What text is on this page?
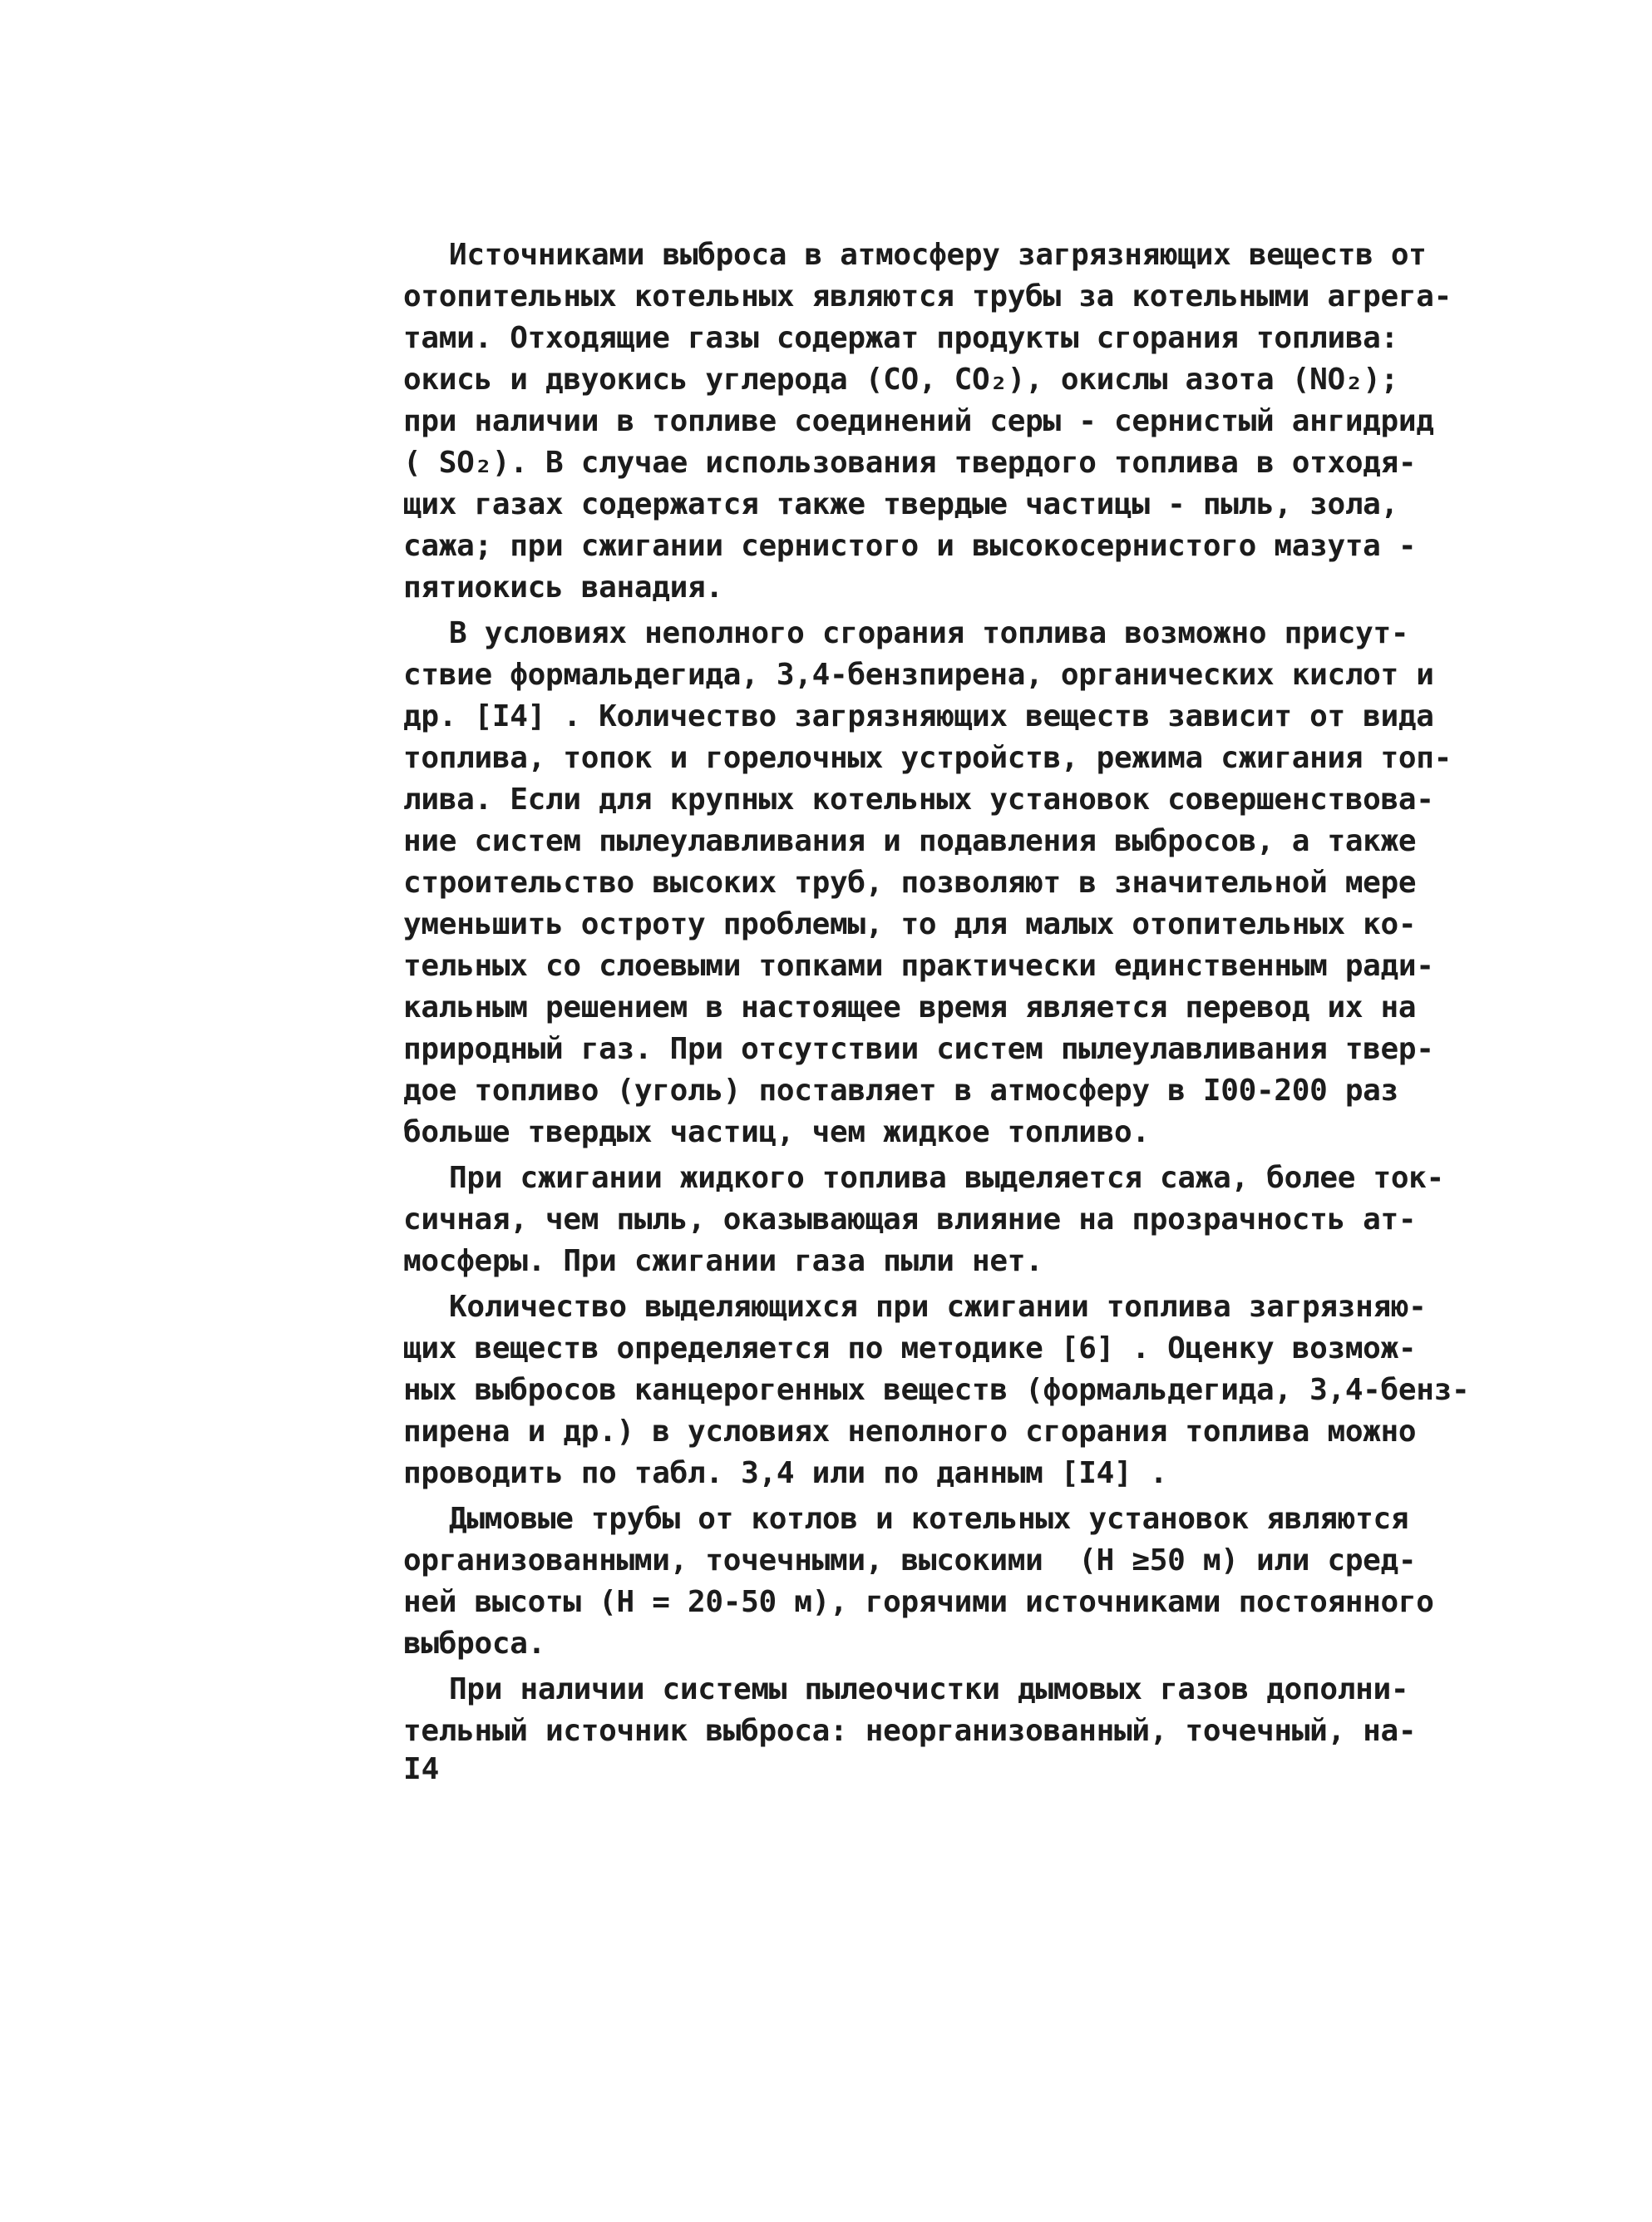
Источниками выброса в атмосферу загрязняющих веществ от
отопительных котельных являются трубы за котельными агрега-
тами. Отходящие газы содержат продукты сгорания топлива:
окись и двуокись углерода (CO, CO₂), окислы азота (NO₂);
при наличии в топливе соединений серы - сернистый ангидрид
( SO₂). В случае использования твердого топлива в отходя-
щих газах содержатся также твердые частицы - пыль, зола,
сажа; при сжигании сернистого и высокосернистого мазута -
пятиокись ванадия.
В условиях неполного сгорания топлива возможно присут-
ствие формальдегида, 3,4-бензпирена, органических кислот и
др. [I4] . Количество загрязняющих веществ зависит от вида
топлива, топок и горелочных устройств, режима сжигания топ-
лива. Если для крупных котельных установок совершенствова-
ние систем пылеулавливания и подавления выбросов, а также
строительство высоких труб, позволяют в значительной мере
уменьшить остроту проблемы, то для малых отопительных ко-
тельных со слоевыми топками практически единственным ради-
кальным решением в настоящее время является перевод их на
природный газ. При отсутствии систем пылеулавливания твер-
дое топливо (уголь) поставляет в атмосферу в I00-200 раз
больше твердых частиц, чем жидкое топливо.
При сжигании жидкого топлива выделяется сажа, более ток-
сичная, чем пыль, оказывающая влияние на прозрачность ат-
мосферы. При сжигании газа пыли нет.
Количество выделяющихся при сжигании топлива загрязняю-
щих веществ определяется по методике [6] . Оценку возмож-
ных выбросов канцерогенных веществ (формальдегида, 3,4-бенз-
пирена и др.) в условиях неполного сгорания топлива можно
проводить по табл. 3,4 или по данным [I4] .
Дымовые трубы от котлов и котельных установок являются
организованными, точечными, высокими  (H ≥50 м) или сред-
ней высоты (H = 20-50 м), горячими источниками постоянного
выброса.
При наличии системы пылеочистки дымовых газов дополни-
тельный источник выброса: неорганизованный, точечный, на-
I4
